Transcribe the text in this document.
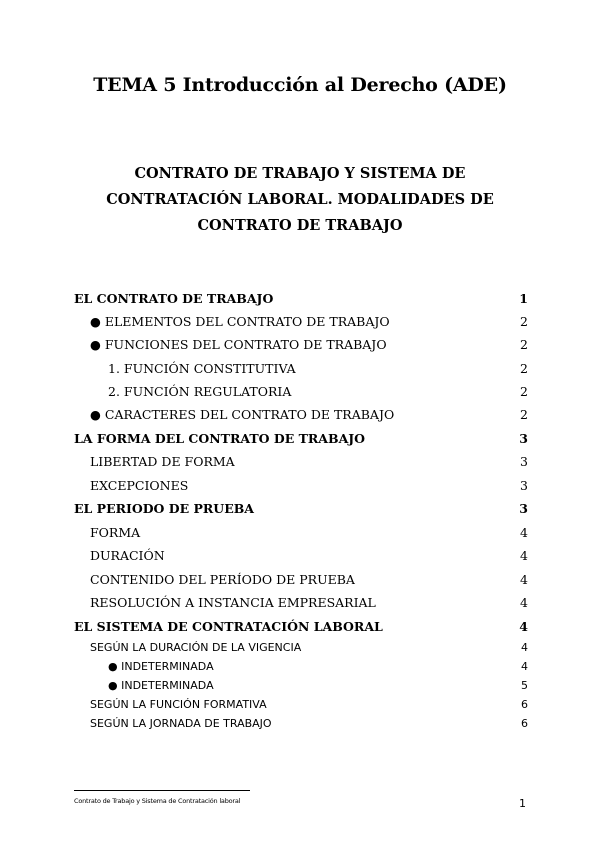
TEMA 5 Introducción al Derecho (ADE)
CONTRATO DE TRABAJO Y SISTEMA DE CONTRATACIÓN LABORAL. MODALIDADES DE CONTRATO DE TRABAJO
EL CONTRATO DE TRABAJO	1
● ELEMENTOS DEL CONTRATO DE TRABAJO	2
● FUNCIONES DEL CONTRATO DE TRABAJO	2
1. FUNCIÓN CONSTITUTIVA	2
2. FUNCIÓN REGULATORIA	2
● CARACTERES DEL CONTRATO DE TRABAJO	2
LA FORMA DEL CONTRATO DE TRABAJO	3
LIBERTAD DE FORMA	3
EXCEPCIONES	3
EL PERIODO DE PRUEBA	3
FORMA	4
DURACIÓN	4
CONTENIDO DEL PERÍODO DE PRUEBA	4
RESOLUCIÓN A INSTANCIA EMPRESARIAL	4
EL SISTEMA DE CONTRATACIÓN LABORAL	4
SEGÚN LA DURACIÓN DE LA VIGENCIA	4
● INDETERMINADA	4
● INDETERMINADA	5
SEGÚN LA FUNCIÓN FORMATIVA	6
SEGÚN LA JORNADA DE TRABAJO	6
Contrato de Trabajo y Sistema de Contratación laboral	1
